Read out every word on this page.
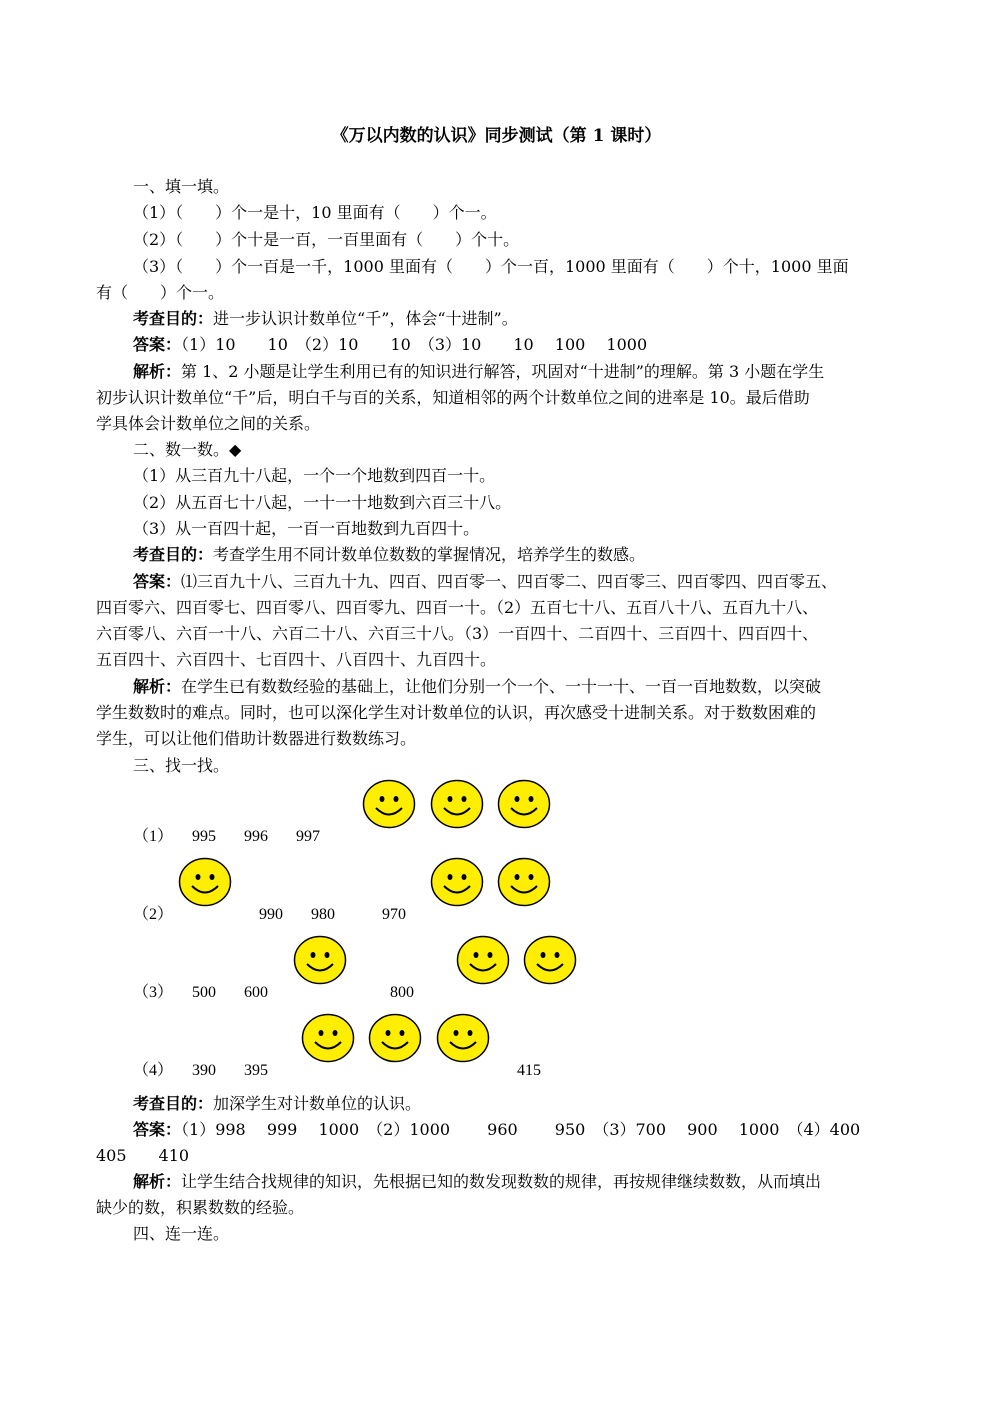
《万以内数的认识》同步测试（第 1 课时）
一、填一填。
（1）（　　）个一是十，10 里面有（　　）个一。
（2）（　　）个十是一百，一百里面有（　　）个十。
（3）（　　）个一百是一千，1000 里面有（　　）个一百，1000 里面有（　　）个十，1000 里面
有（　　）个一。
考查目的：进一步认识计数单位“千”，体会“十进制”。
答案：（1）10　　10　（2）10　　10　（3）10　　10　 100　 1000
解析：第 1、2 小题是让学生利用已有的知识进行解答，巩固对“十进制”的理解。第 3 小题在学生
初步认识计数单位“千”后，明白千与百的关系，知道相邻的两个计数单位之间的进率是 10。最后借助
学具体会计数单位之间的关系。
二、数一数。◆
（1）从三百九十八起，一个一个地数到四百一十。
（2）从五百七十八起，一十一十地数到六百三十八。
（3）从一百四十起，一百一百地数到九百四十。
考查目的：考查学生用不同计数单位数数的掌握情况，培养学生的数感。
答案：⑴三百九十八、三百九十九、四百、四百零一、四百零二、四百零三、四百零四、四百零五、
四百零六、四百零七、四百零八、四百零九、四百一十。（2）五百七十八、五百八十八、五百九十八、
六百零八、六百一十八、六百二十八、六百三十八。（3）一百四十、二百四十、三百四十、四百四十、
五百四十、六百四十、七百四十、八百四十、九百四十。
解析：在学生已有数数经验的基础上，让他们分别一个一个、一十一十、一百一百地数数，以突破
学生数数时的难点。同时，也可以深化学生对计数单位的认识，再次感受十进制关系。对于数数困难的
学生，可以让他们借助计数器进行数数练习。
三、找一找。
（1） 995 996 997
（2）	990 980	970
（3） 500 600	800
（4） 390 395	415
考查目的：加深学生对计数单位的认识。
答案：（1）998　 999　 1000　（2）1000　　 960　　 950　（3）700　 900　 1000　（4）400
405　　410
解析：让学生结合找规律的知识，先根据已知的数发现数数的规律，再按规律继续数数，从而填出
缺少的数，积累数数的经验。
四、连一连。
